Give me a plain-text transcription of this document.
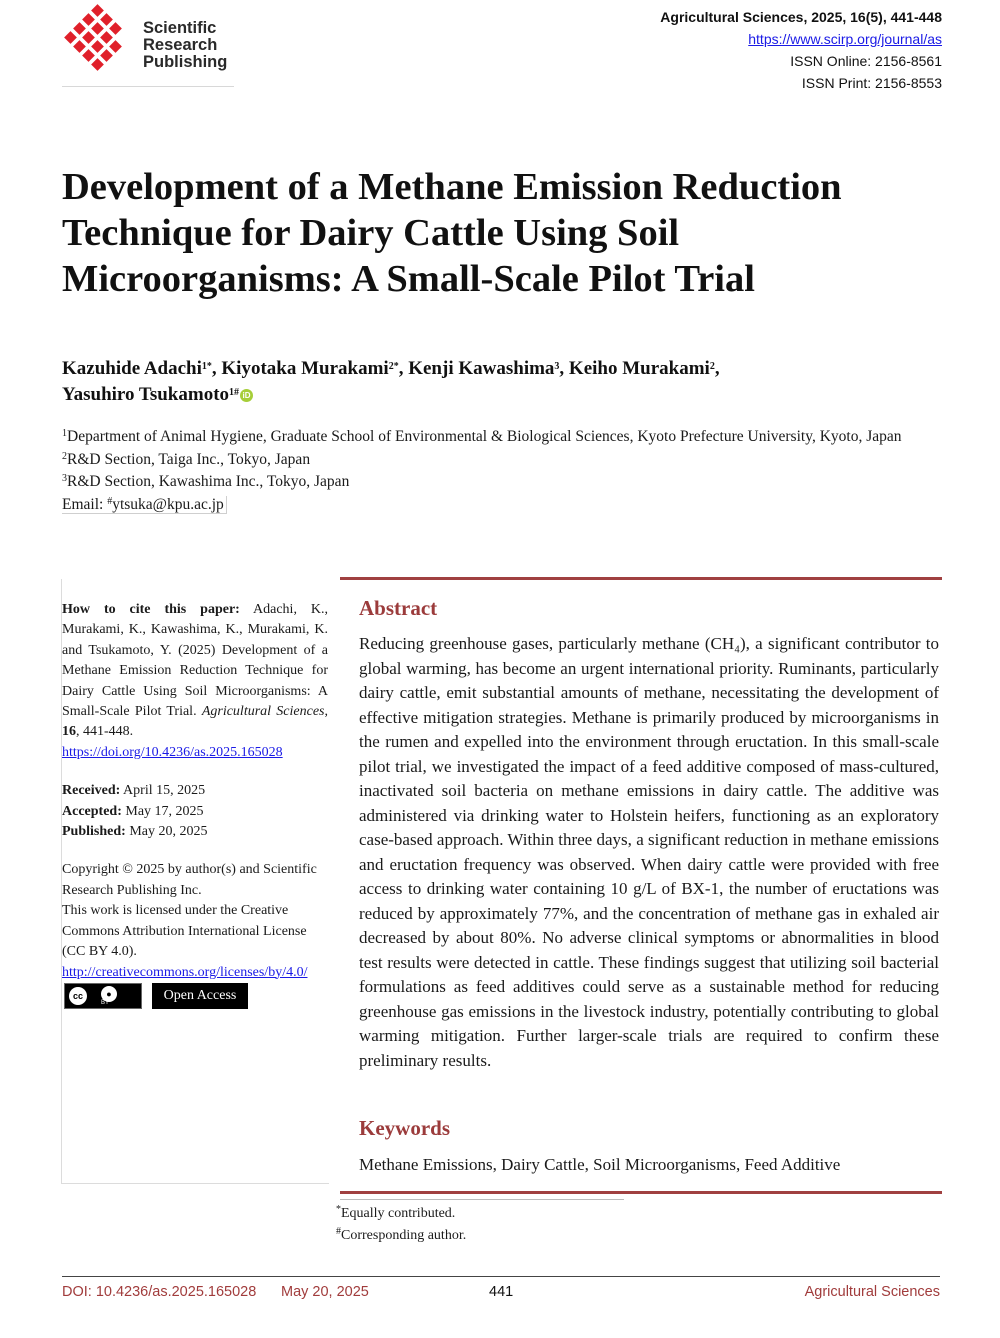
Scientific
Research
Publishing
Agricultural Sciences, 2025, 16(5), 441-448
https://www.scirp.org/journal/as
ISSN Online: 2156-8561
ISSN Print: 2156-8553
Development of a Methane Emission Reduction Technique for Dairy Cattle Using Soil Microorganisms: A Small-Scale Pilot Trial
Kazuhide Adachi$^{1*}$, Kiyotaka Murakami$^{2*}$, Kenji Kawashima$^3$, Keiho Murakami$^2$,
Yasuhiro Tsukamoto$^{1\#}$ iD
$^1$Department of Animal Hygiene, Graduate School of Environmental & Biological Sciences, Kyoto Prefecture University, Kyoto, Japan
$^2$R&D Section, Taiga Inc., Tokyo, Japan
$^3$R&D Section, Kawashima Inc., Tokyo, Japan
Email: #ytsuka@kpu.ac.jp
How to cite this paper: Adachi, K., Murakami, K., Kawashima, K., Murakami, K. and Tsukamoto, Y. (2025) Development of a Methane Emission Reduction Technique for Dairy Cattle Using Soil Microorganisms: A Small-Scale Pilot Trial. Agricultural Sciences, 16, 441-448.
https://doi.org/10.4236/as.2025.165028
Received: April 15, 2025
Accepted: May 17, 2025
Published: May 20, 2025
Copyright © 2025 by author(s) and Scientific Research Publishing Inc.
This work is licensed under the Creative Commons Attribution International License (CC BY 4.0).
http://creativecommons.org/licenses/by/4.0/
cc	●
BY	Open Access
Abstract
Reducing greenhouse gases, particularly methane (CH₄), a significant contributor to global warming, has become an urgent international priority. Ruminants, particularly dairy cattle, emit substantial amounts of methane, necessitating the development of effective mitigation strategies. Methane is primarily produced by microorganisms in the rumen and expelled into the environment through eructation. In this small-scale pilot trial, we investigated the impact of a feed additive composed of mass-cultured, inactivated soil bacteria on methane emissions in dairy cattle. The additive was administered via drinking water to Holstein heifers, functioning as an exploratory case-based approach. Within three days, a significant reduction in methane emissions and eructation frequency was observed. When dairy cattle were provided with free access to drinking water containing 10 g/L of BX-1, the number of eructations was reduced by approximately 77%, and the concentration of methane gas in exhaled air decreased by about 80%. No adverse clinical symptoms or abnormalities in blood test results were detected in cattle. These findings suggest that utilizing soil bacterial formulations as feed additives could serve as a sustainable method for reducing greenhouse gas emissions in the livestock industry, potentially contributing to global warming mitigation. Further larger-scale trials are required to confirm these preliminary results.
Keywords
Methane Emissions, Dairy Cattle, Soil Microorganisms, Feed Additive
*Equally contributed.
#Corresponding author.
DOI: 10.4236/as.2025.165028 May 20, 2025	441	Agricultural Sciences
